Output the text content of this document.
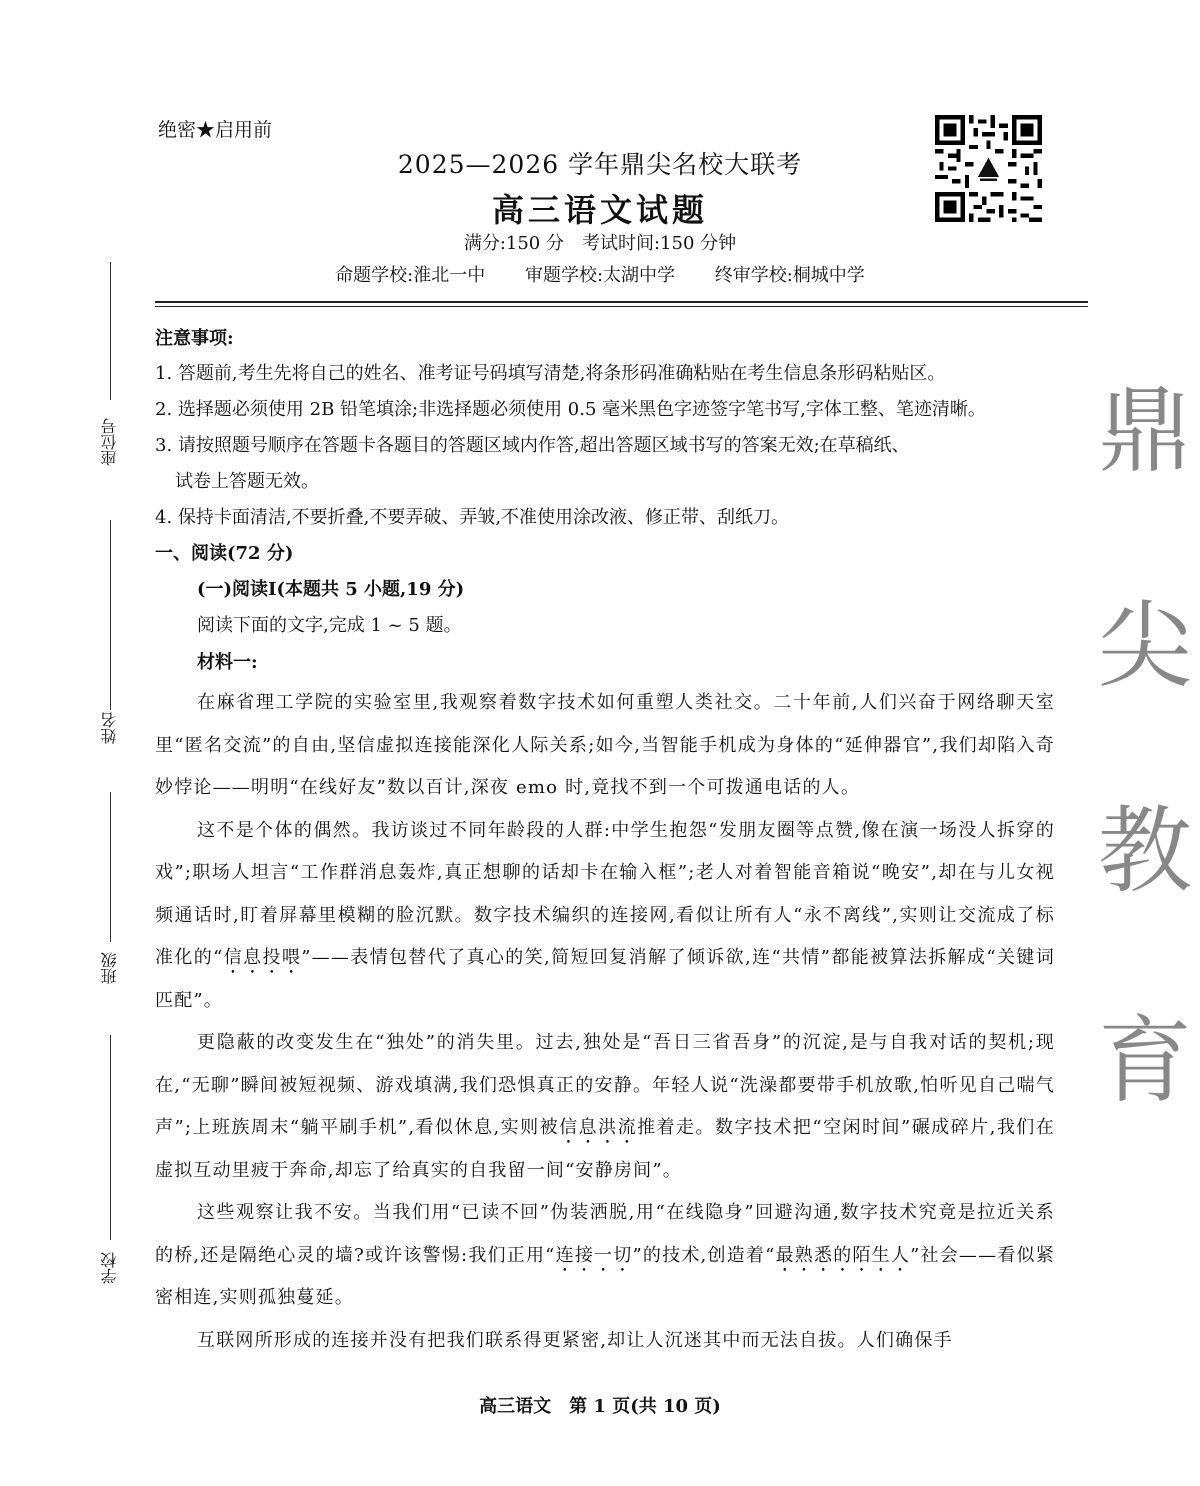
绝密★启用前
2025—2026 学年鼎尖名校大联考
高三语文试题
满分:150 分　考试时间:150 分钟
命题学校:淮北一中 审题学校:太湖中学 终审学校:桐城中学
座位号
姓名
班级
学校
鼎
尖
教
育

注意事项:

1. 答题前,考生先将自己的姓名、准考证号码填写清楚,将条形码准确粘贴在考生信息条形码粘贴区。

2. 选择题必须使用 2B 铅笔填涂;非选择题必须使用 0.5 毫米黑色字迹签字笔书写,字体工整、笔迹清晰。

3. 请按照题号顺序在答题卡各题目的答题区域内作答,超出答题区域书写的答案无效;在草稿纸、

试卷上答题无效。

4. 保持卡面清洁,不要折叠,不要弄破、弄皱,不准使用涂改液、修正带、刮纸刀。

一、阅读(72 分)

(一)阅读Ⅰ(本题共 5 小题,19 分)

阅读下面的文字,完成 1 ~ 5 题。

材料一:

在麻省理工学院的实验室里,我观察着数字技术如何重塑人类社交。二十年前,人们兴奋于网络聊天室里“匿名交流”的自由,坚信虚拟连接能深化人际关系;如今,当智能手机成为身体的“延伸器官”,我们却陷入奇妙悖论——明明“在线好友”数以百计,深夜 emo 时,竟找不到一个可拨通电话的人。

这不是个体的偶然。我访谈过不同年龄段的人群:中学生抱怨“发朋友圈等点赞,像在演一场没人拆穿的戏”;职场人坦言“工作群消息轰炸,真正想聊的话却卡在输入框”;老人对着智能音箱说“晚安”,却在与儿女视频通话时,盯着屏幕里模糊的脸沉默。数字技术编织的连接网,看似让所有人“永不离线”,实则让交流成了标准化的“信息投喂”——表情包替代了真心的笑,简短回复消解了倾诉欲,连“共情”都能被算法拆解成“关键词匹配”。

更隐蔽的改变发生在“独处”的消失里。过去,独处是“吾日三省吾身”的沉淀,是与自我对话的契机;现在,“无聊”瞬间被短视频、游戏填满,我们恐惧真正的安静。年轻人说“洗澡都要带手机放歌,怕听见自己喘气声”;上班族周末“躺平刷手机”,看似休息,实则被信息洪流推着走。数字技术把“空闲时间”碾成碎片,我们在虚拟互动里疲于奔命,却忘了给真实的自我留一间“安静房间”。

这些观察让我不安。当我们用“已读不回”伪装洒脱,用“在线隐身”回避沟通,数字技术究竟是拉近关系的桥,还是隔绝心灵的墙?或许该警惕:我们正用“连接一切”的技术,创造着“最熟悉的陌生人”社会——看似紧密相连,实则孤独蔓延。

互联网所形成的连接并没有把我们联系得更紧密,却让人沉迷其中而无法自拔。人们确保手

高三语文　第 1 页(共 10 页)
